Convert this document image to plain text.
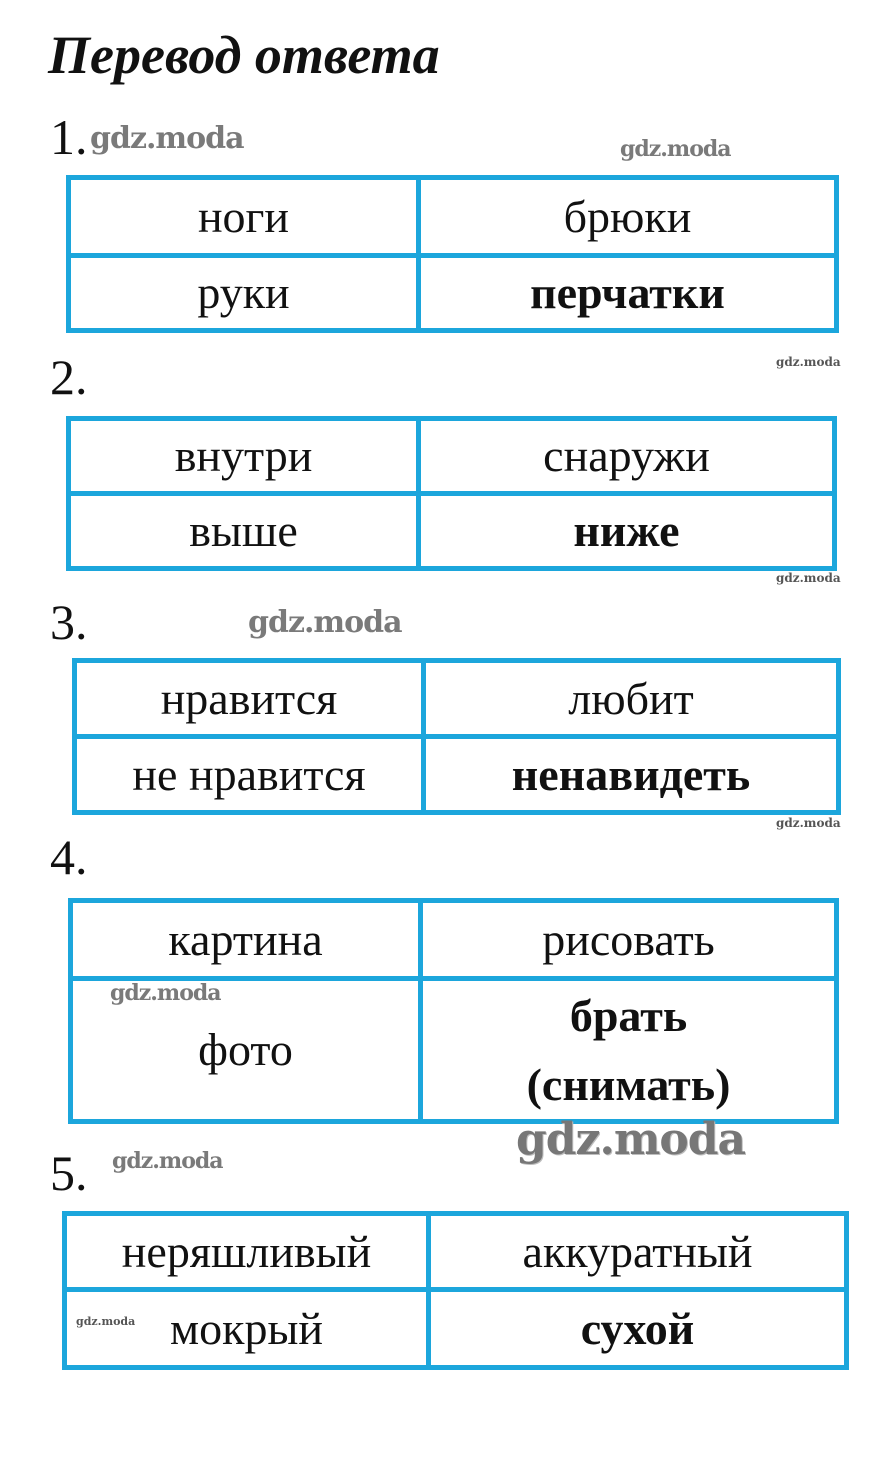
Перевод ответа
1.
ноги	брюки
руки	перчатки
2.
внутри	снаружи
выше	ниже
3.
нравится	любит
не нравится	ненавидеть
4.
картина	рисовать
фото	брать (снимать)
5.
неряшливый	аккуратный
мокрый	сухой
gdz.moda	gdz.moda
gdz.moda
gdz.moda
gdz.moda
gdz.moda
gdz.moda
gdz.moda
gdz.moda
gdz.moda
